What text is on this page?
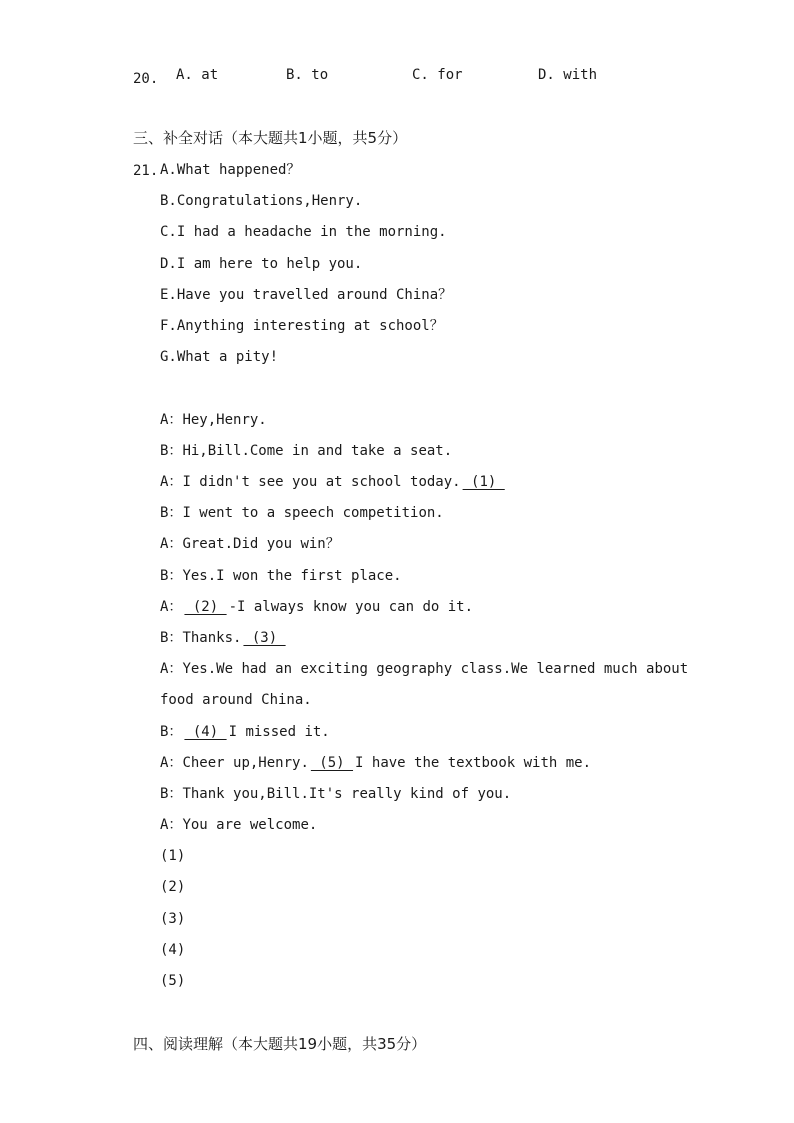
20. A. at	B. to	C. for	D. with
三、补全对话（本大题共1小题，共5分）
21. A.What happened？
B.Congratulations,Henry.
C.I had a headache in the morning.
D.I am here to help you.
E.Have you travelled around China？
F.Anything interesting at school？
G.What a pity!
A：Hey,Henry.
B：Hi,Bill.Come in and take a seat.
A：I didn't see you at school today. (1)
B：I went to a speech competition.
A：Great.Did you win？
B：Yes.I won the first place.
A： (2) -I always know you can do it.
B：Thanks. (3)
A：Yes.We had an exciting geography class.We learned much about
food around China.
B： (4) I missed it.
A：Cheer up,Henry. (5) I have the textbook with me.
B：Thank you,Bill.It's really kind of you.
A：You are welcome.
(1)
(2)
(3)
(4)
(5)
四、阅读理解（本大题共19小题，共35分）
